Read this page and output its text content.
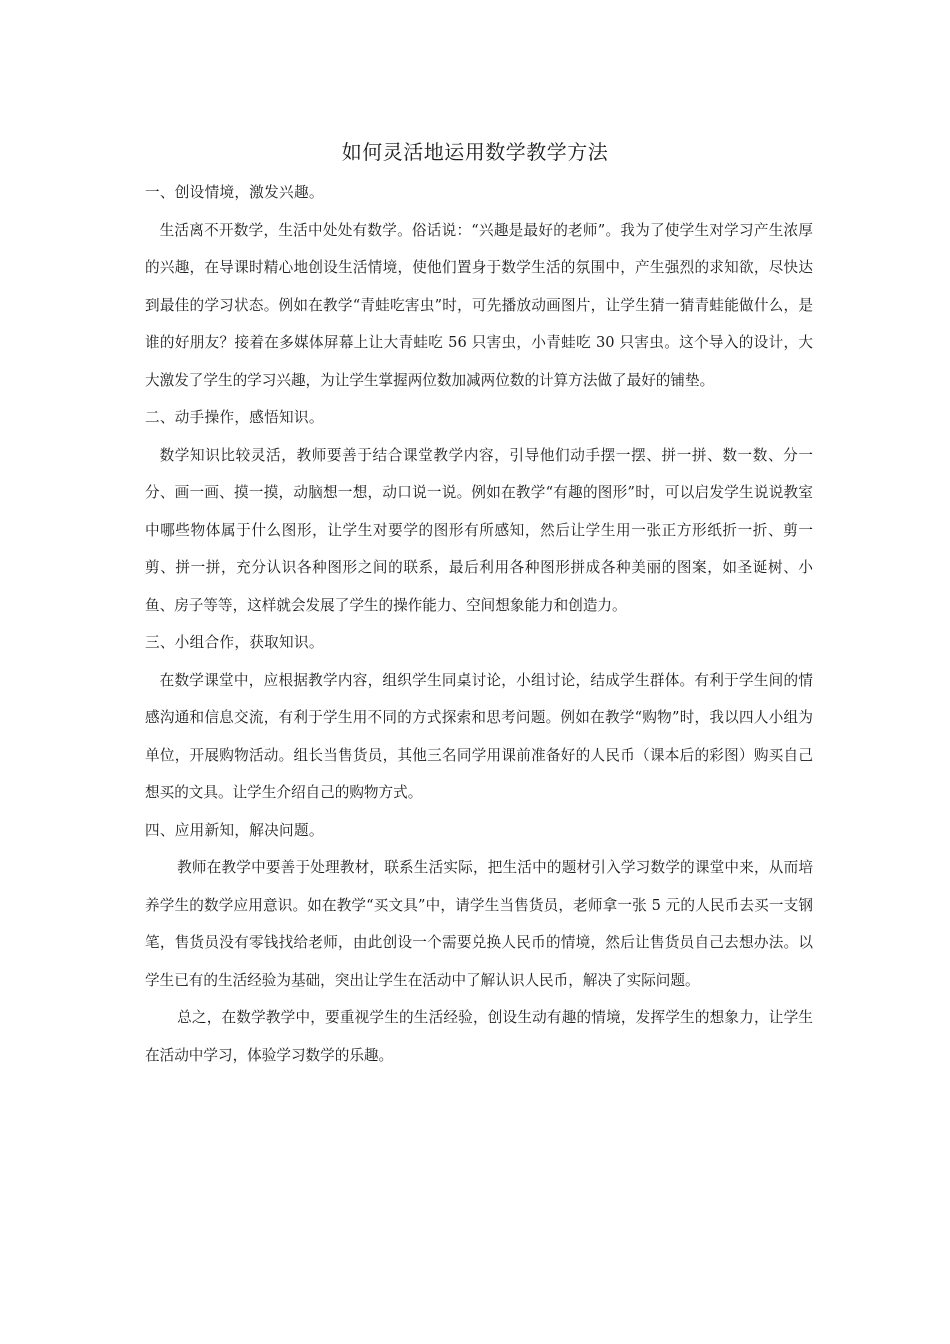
如何灵活地运用数学教学方法

一、创设情境，激发兴趣。

生活离不开数学，生活中处处有数学。俗话说：“兴趣是最好的老师”。我为了使学生对学习产生浓厚的兴趣，在导课时精心地创设生活情境，使他们置身于数学生活的氛围中，产生强烈的求知欲，尽快达到最佳的学习状态。例如在教学“青蛙吃害虫”时，可先播放动画图片，让学生猜一猜青蛙能做什么，是谁的好朋友？接着在多媒体屏幕上让大青蛙吃 56 只害虫，小青蛙吃 30 只害虫。这个导入的设计，大大激发了学生的学习兴趣，为让学生掌握两位数加减两位数的计算方法做了最好的铺垫。

二、动手操作，感悟知识。

数学知识比较灵活，教师要善于结合课堂教学内容，引导他们动手摆一摆、拼一拼、数一数、分一分、画一画、摸一摸，动脑想一想，动口说一说。例如在教学“有趣的图形”时，可以启发学生说说教室中哪些物体属于什么图形，让学生对要学的图形有所感知，然后让学生用一张正方形纸折一折、剪一剪、拼一拼，充分认识各种图形之间的联系，最后利用各种图形拼成各种美丽的图案，如圣诞树、小鱼、房子等等，这样就会发展了学生的操作能力、空间想象能力和创造力。

三、小组合作，获取知识。

在数学课堂中，应根据教学内容，组织学生同桌讨论，小组讨论，结成学生群体。有利于学生间的情感沟通和信息交流，有利于学生用不同的方式探索和思考问题。例如在教学“购物”时，我以四人小组为单位，开展购物活动。组长当售货员，其他三名同学用课前准备好的人民币（课本后的彩图）购买自己想买的文具。让学生介绍自己的购物方式。

四、应用新知，解决问题。

教师在教学中要善于处理教材，联系生活实际，把生活中的题材引入学习数学的课堂中来，从而培养学生的数学应用意识。如在教学“买文具”中，请学生当售货员，老师拿一张 5 元的人民币去买一支钢笔，售货员没有零钱找给老师，由此创设一个需要兑换人民币的情境，然后让售货员自己去想办法。以学生已有的生活经验为基础，突出让学生在活动中了解认识人民币，解决了实际问题。

总之，在数学教学中，要重视学生的生活经验，创设生动有趣的情境，发挥学生的想象力，让学生在活动中学习，体验学习数学的乐趣。
